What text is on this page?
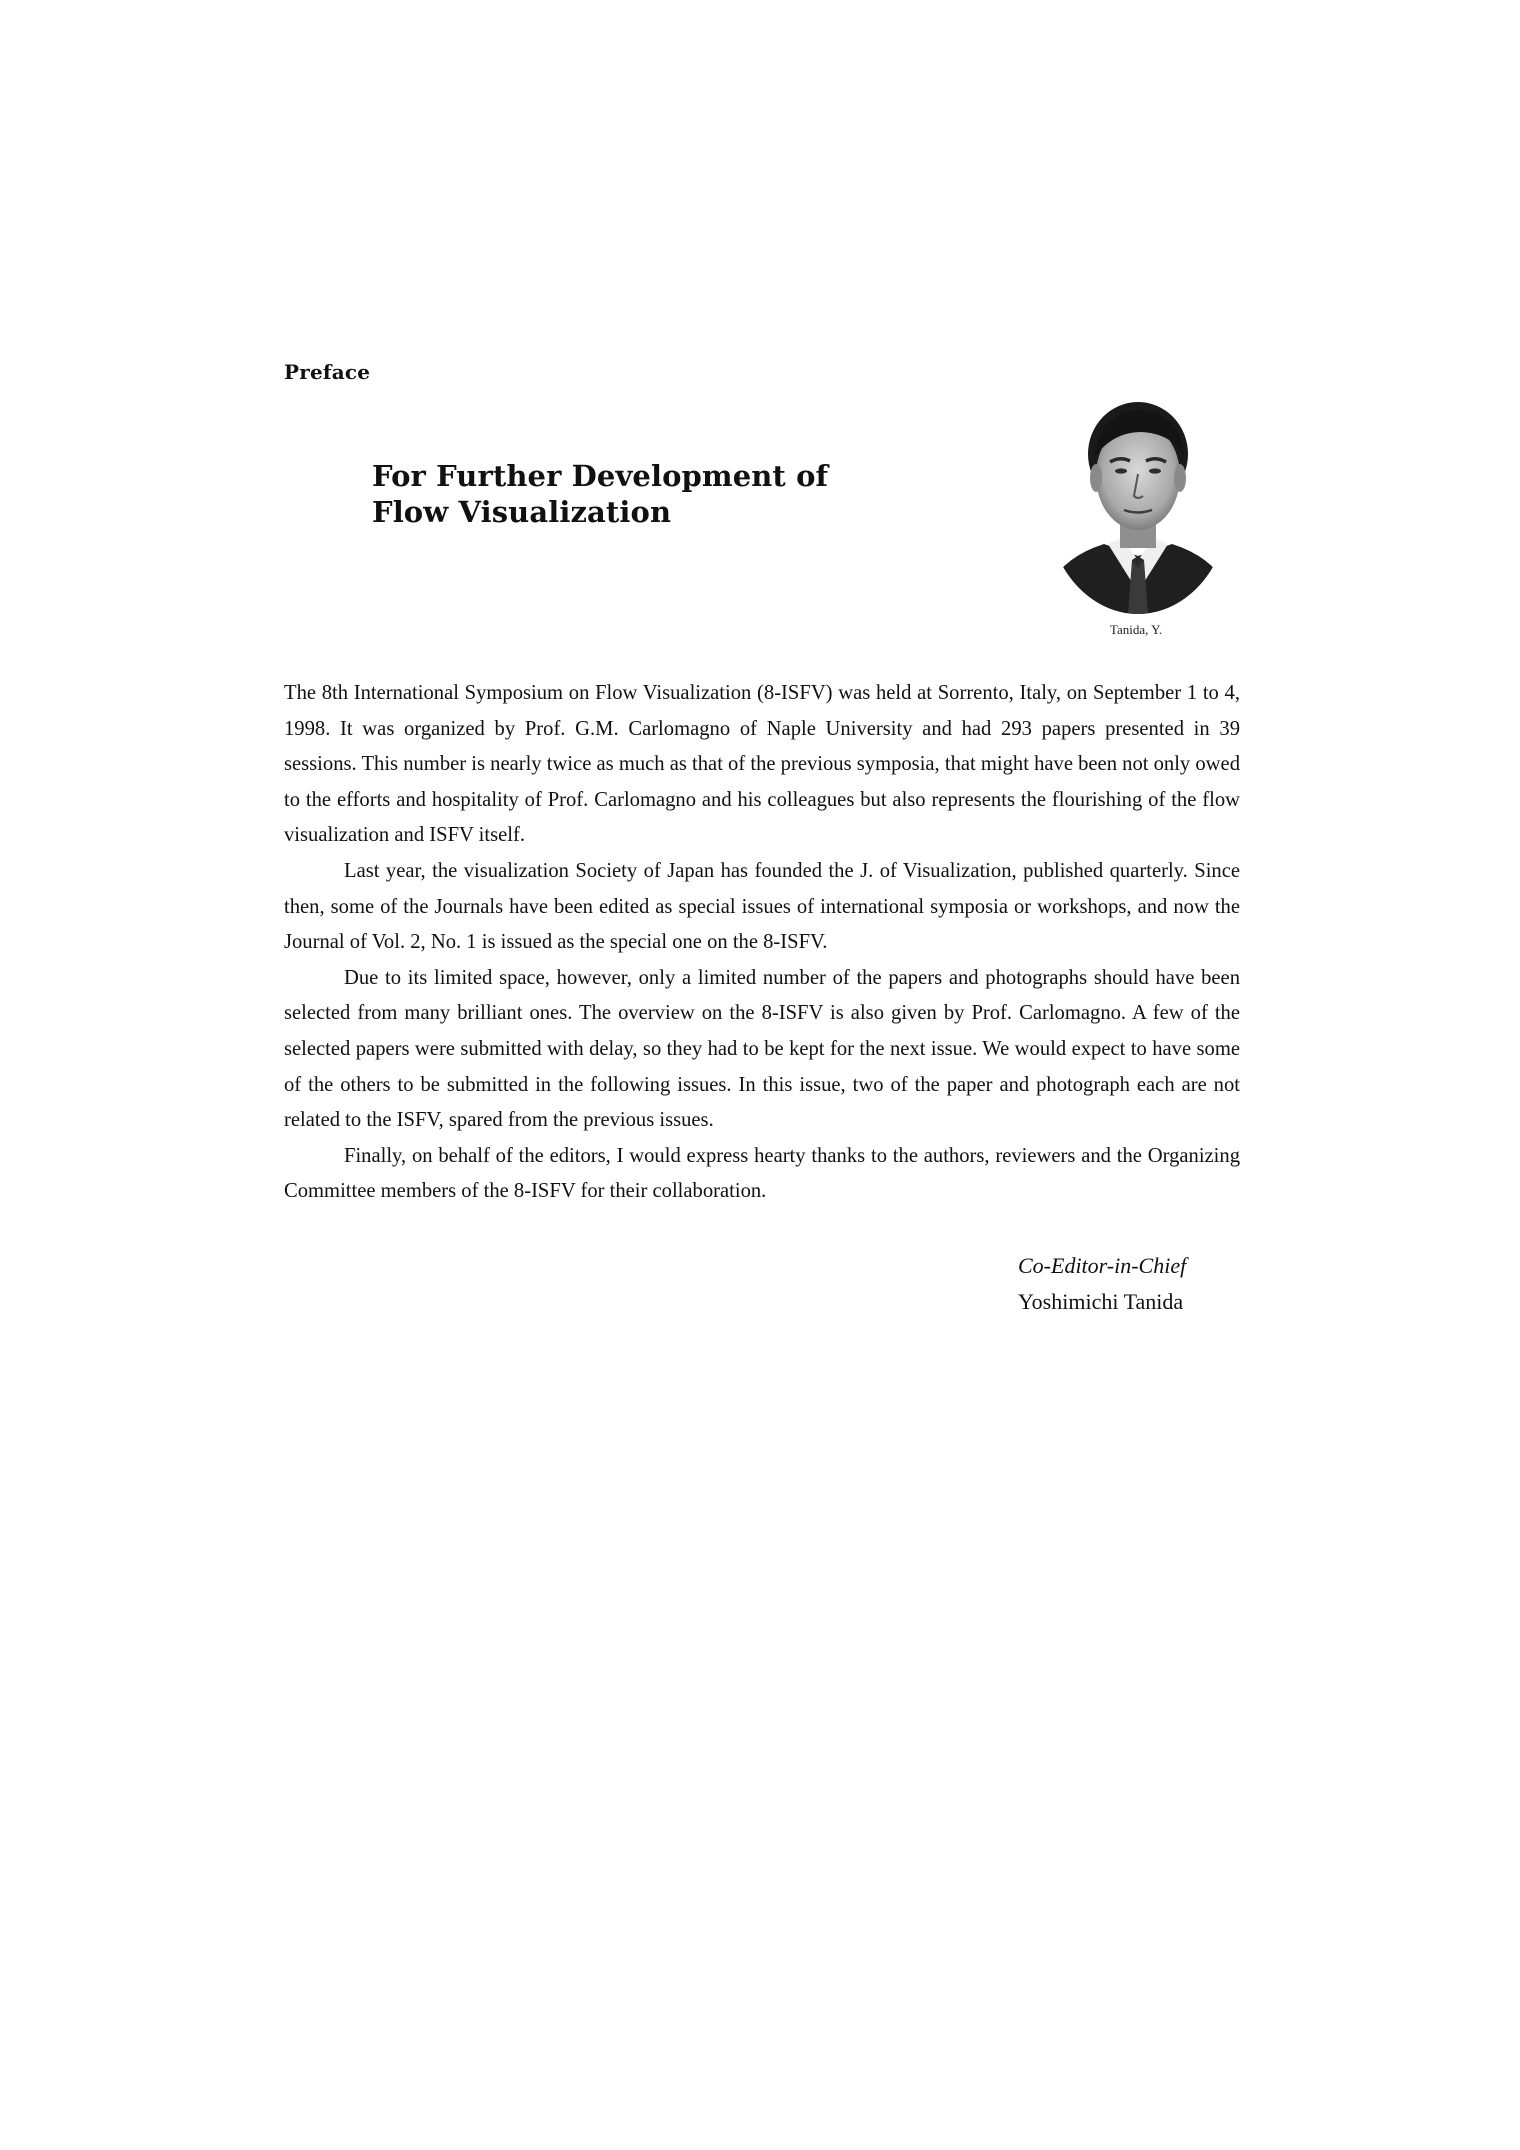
Preface
For Further Development of
Flow Visualization
Tanida, Y.

The 8th International Symposium on Flow Visualization (8-ISFV) was held at Sorrento, Italy, on September 1 to 4, 1998. It was organized by Prof. G.M. Carlomagno of Naple University and had 293 papers presented in 39 sessions. This number is nearly twice as much as that of the previous symposia, that might have been not only owed to the efforts and hospitality of Prof. Carlomagno and his colleagues but also represents the flourishing of the flow visualization and ISFV itself.

Last year, the visualization Society of Japan has founded the J. of Visualization, published quarterly. Since then, some of the Journals have been edited as special issues of international symposia or workshops, and now the Journal of Vol. 2, No. 1 is issued as the special one on the 8-ISFV.

Due to its limited space, however, only a limited number of the papers and photographs should have been selected from many brilliant ones. The overview on the 8-ISFV is also given by Prof. Carlomagno. A few of the selected papers were submitted with delay, so they had to be kept for the next issue. We would expect to have some of the others to be submitted in the following issues. In this issue, two of the paper and photograph each are not related to the ISFV, spared from the previous issues.

Finally, on behalf of the editors, I would express hearty thanks to the authors, reviewers and the Organizing Committee members of the 8-ISFV for their collaboration.

Co-Editor-in-Chief
Yoshimichi Tanida
